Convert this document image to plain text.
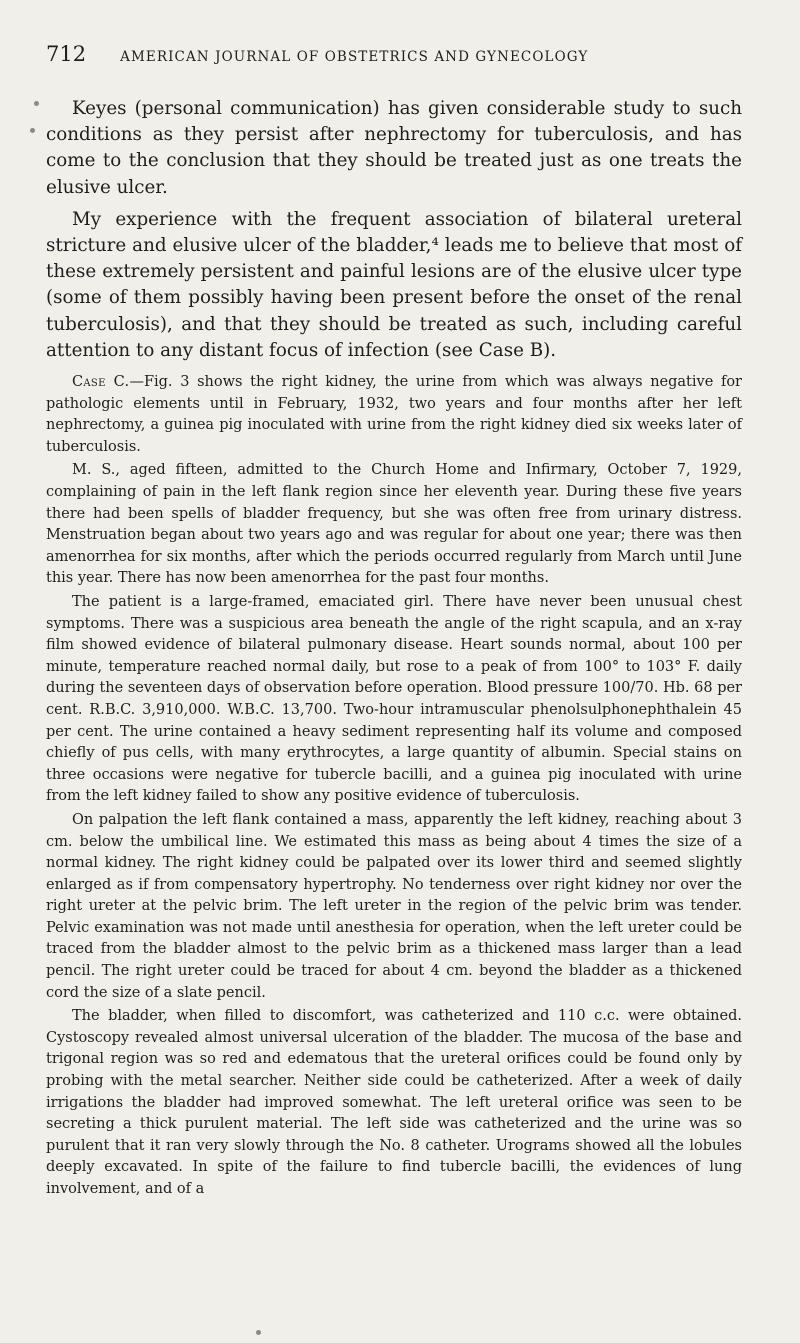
712	AMERICAN JOURNAL OF OBSTETRICS AND GYNECOLOGY

Keyes (personal communication) has given considerable study to such conditions as they persist after nephrectomy for tuberculosis, and has come to the conclusion that they should be treated just as one treats the elusive ulcer.

My experience with the frequent association of bilateral ureteral stricture and elusive ulcer of the bladder,⁴ leads me to believe that most of these extremely persistent and painful lesions are of the elusive ulcer type (some of them possibly having been present before the onset of the renal tuberculosis), and that they should be treated as such, including careful attention to any distant focus of infection (see Case B).

Case C.—Fig. 3 shows the right kidney, the urine from which was always negative for pathologic elements until in February, 1932, two years and four months after her left nephrectomy, a guinea pig inoculated with urine from the right kidney died six weeks later of tuberculosis.

M. S., aged fifteen, admitted to the Church Home and Infirmary, October 7, 1929, complaining of pain in the left flank region since her eleventh year. During these five years there had been spells of bladder frequency, but she was often free from urinary distress. Menstruation began about two years ago and was regular for about one year; there was then amenorrhea for six months, after which the periods occurred regularly from March until June this year. There has now been amenorrhea for the past four months.

The patient is a large-framed, emaciated girl. There have never been unusual chest symptoms. There was a suspicious area beneath the angle of the right scapula, and an x-ray film showed evidence of bilateral pulmonary disease. Heart sounds normal, about 100 per minute, temperature reached normal daily, but rose to a peak of from 100° to 103° F. daily during the seventeen days of observation before operation. Blood pressure 100/70. Hb. 68 per cent. R.B.C. 3,910,000. W.B.C. 13,700. Two-hour intramuscular phenolsulphonephthalein 45 per cent. The urine contained a heavy sediment representing half its volume and composed chiefly of pus cells, with many erythrocytes, a large quantity of albumin. Special stains on three occasions were negative for tubercle bacilli, and a guinea pig inoculated with urine from the left kidney failed to show any positive evidence of tuberculosis.

On palpation the left flank contained a mass, apparently the left kidney, reaching about 3 cm. below the umbilical line. We estimated this mass as being about 4 times the size of a normal kidney. The right kidney could be palpated over its lower third and seemed slightly enlarged as if from compensatory hypertrophy. No tenderness over right kidney nor over the right ureter at the pelvic brim. The left ureter in the region of the pelvic brim was tender. Pelvic examination was not made until anesthesia for operation, when the left ureter could be traced from the bladder almost to the pelvic brim as a thickened mass larger than a lead pencil. The right ureter could be traced for about 4 cm. beyond the bladder as a thickened cord the size of a slate pencil.

The bladder, when filled to discomfort, was catheterized and 110 c.c. were obtained. Cystoscopy revealed almost universal ulceration of the bladder. The mucosa of the base and trigonal region was so red and edematous that the ureteral orifices could be found only by probing with the metal searcher. Neither side could be catheterized. After a week of daily irrigations the bladder had improved somewhat. The left ureteral orifice was seen to be secreting a thick purulent material. The left side was catheterized and the urine was so purulent that it ran very slowly through the No. 8 catheter. Urograms showed all the lobules deeply excavated. In spite of the failure to find tubercle bacilli, the evidences of lung involvement, and of a
